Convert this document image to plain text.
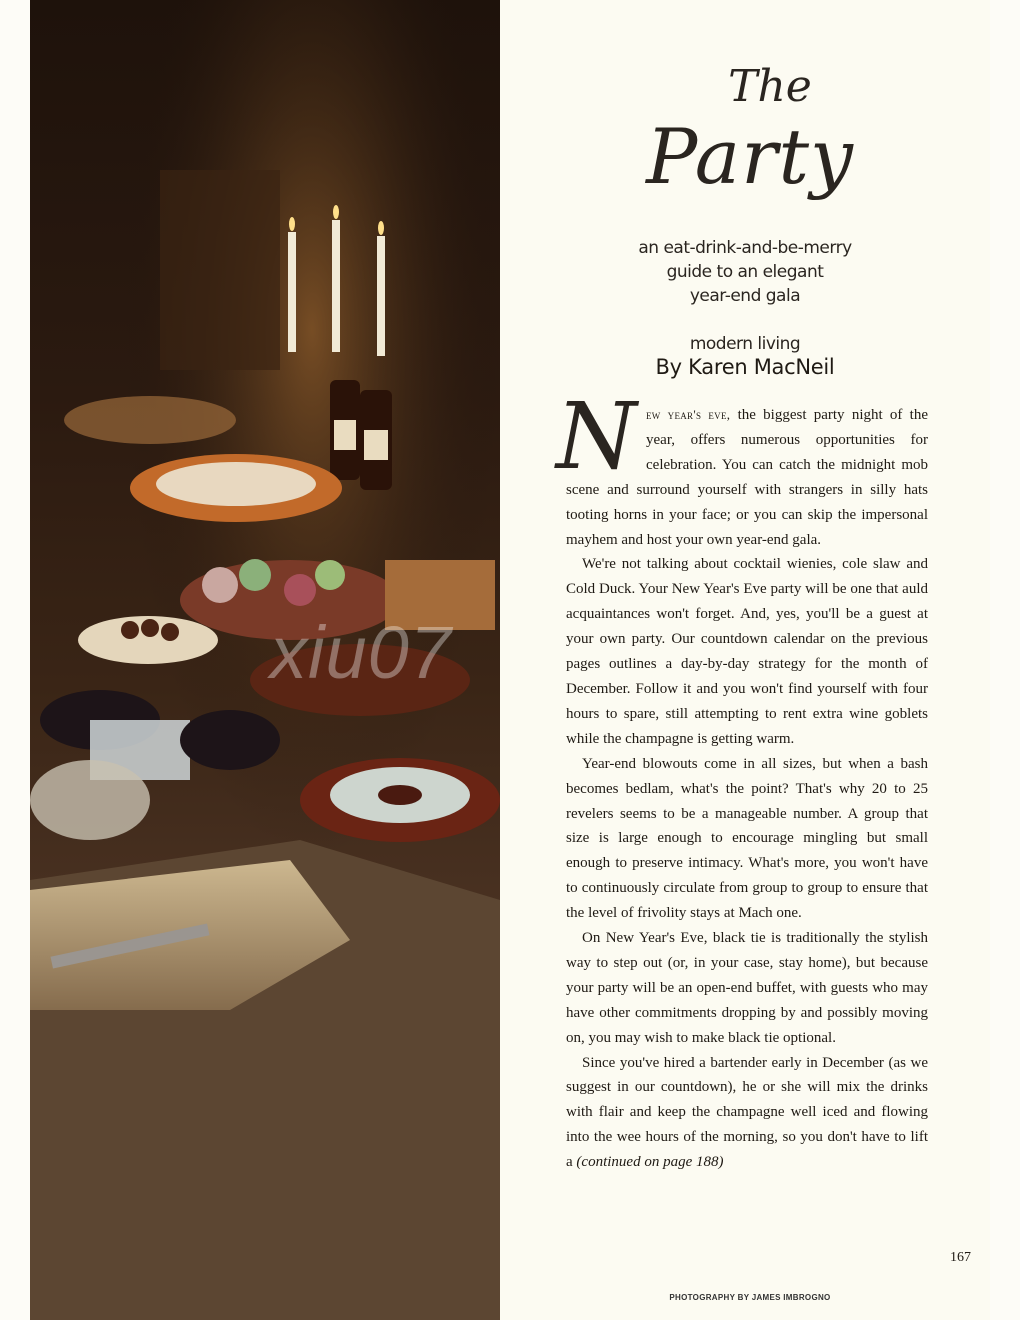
xiu07
The
Party
an eat-drink-and-be-merry
guide to an elegant
year-end gala
modern living
By Karen MacNeil
N ew year's eve, the biggest party night of the year, offers numerous opportunities for celebration. You can catch the midnight mob scene and surround yourself with strangers in silly hats tooting horns in your face; or you can skip the impersonal mayhem and host your own year-end gala.

We're not talking about cocktail wienies, cole slaw and Cold Duck. Your New Year's Eve party will be one that auld acquaintances won't forget. And, yes, you'll be a guest at your own party. Our countdown calendar on the previous pages outlines a day-by-day strategy for the month of December. Follow it and you won't find yourself with four hours to spare, still attempting to rent extra wine goblets while the champagne is getting warm.

Year-end blowouts come in all sizes, but when a bash becomes bedlam, what's the point? That's why 20 to 25 revelers seems to be a manageable number. A group that size is large enough to encourage mingling but small enough to preserve intimacy. What's more, you won't have to continuously circulate from group to group to ensure that the level of frivolity stays at Mach one.

On New Year's Eve, black tie is traditionally the stylish way to step out (or, in your case, stay home), but because your party will be an open-end buffet, with guests who may have other commitments dropping by and possibly moving on, you may wish to make black tie optional.

Since you've hired a bartender early in December (as we suggest in our countdown), he or she will mix the drinks with flair and keep the champagne well iced and flowing into the wee hours of the morning, so you don't have to lift a (continued on page 188)

167
PHOTOGRAPHY BY JAMES IMBROGNO
